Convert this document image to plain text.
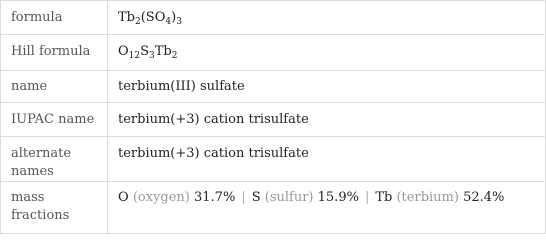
formula	$Tb_2(SO_4)_3$
Hill formula	$O_{12}S_3Tb_2$
name	terbium(III) sulfate
IUPAC name	terbium(+3) cation trisulfate
alternate names	terbium(+3) cation trisulfate
mass fractions	O (oxygen) 31.7% | S (sulfur) 15.9% | Tb (terbium) 52.4%
